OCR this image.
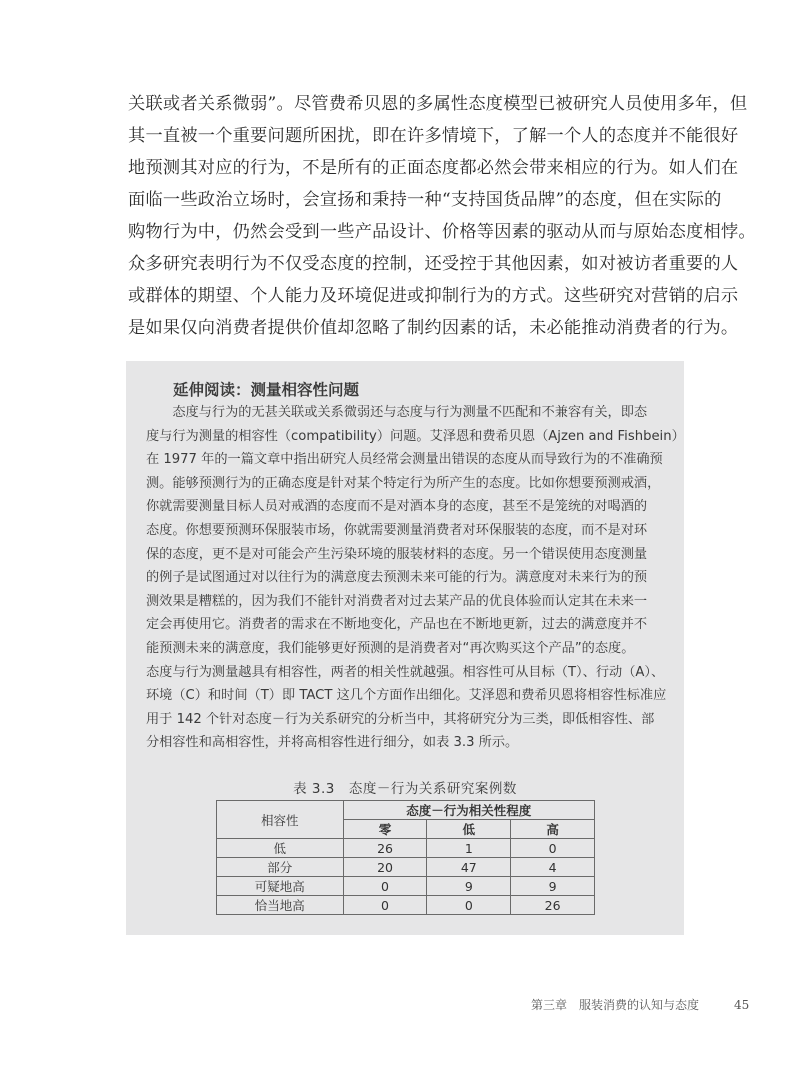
关联或者关系微弱”。尽管费希贝恩的多属性态度模型已被研究人员使用多年，但
其一直被一个重要问题所困扰，即在许多情境下，了解一个人的态度并不能很好
地预测其对应的行为，不是所有的正面态度都必然会带来相应的行为。如人们在
面临一些政治立场时，会宣扬和秉持一种“支持国货品牌”的态度，但在实际的
购物行为中，仍然会受到一些产品设计、价格等因素的驱动从而与原始态度相悖。
众多研究表明行为不仅受态度的控制，还受控于其他因素，如对被访者重要的人
或群体的期望、个人能力及环境促进或抑制行为的方式。这些研究对营销的启示
是如果仅向消费者提供价值却忽略了制约因素的话，未必能推动消费者的行为。
延伸阅读：测量相容性问题
　　态度与行为的无甚关联或关系微弱还与态度与行为测量不匹配和不兼容有关，即态
度与行为测量的相容性（compatibility）问题。艾泽恩和费希贝恩（Ajzen and Fishbein）
在 1977 年的一篇文章中指出研究人员经常会测量出错误的态度从而导致行为的不准确预
测。能够预测行为的正确态度是针对某个特定行为所产生的态度。比如你想要预测戒酒，
你就需要测量目标人员对戒酒的态度而不是对酒本身的态度，甚至不是笼统的对喝酒的
态度。你想要预测环保服装市场，你就需要测量消费者对环保服装的态度，而不是对环
保的态度，更不是对可能会产生污染环境的服装材料的态度。另一个错误使用态度测量
的例子是试图通过对以往行为的满意度去预测未来可能的行为。满意度对未来行为的预
测效果是糟糕的，因为我们不能针对消费者对过去某产品的优良体验而认定其在未来一
定会再使用它。消费者的需求在不断地变化，产品也在不断地更新，过去的满意度并不
能预测未来的满意度，我们能够更好预测的是消费者对“再次购买这个产品”的态度。
态度与行为测量越具有相容性，两者的相关性就越强。相容性可从目标（T）、行动（A）、
环境（C）和时间（T）即 TACT 这几个方面作出细化。艾泽恩和费希贝恩将相容性标准应
用于 142 个针对态度－行为关系研究的分析当中，其将研究分为三类，即低相容性、部
分相容性和高相容性，并将高相容性进行细分，如表 3.3 所示。
表 3.3　态度－行为关系研究案例数
相容性	态度－行为相关性程度		
	零	低	高
低	26	1	0
部分	20	47	4
可疑地高	0	9	9
恰当地高	0	0	26
第三章　服装消费的认知与态度	45
